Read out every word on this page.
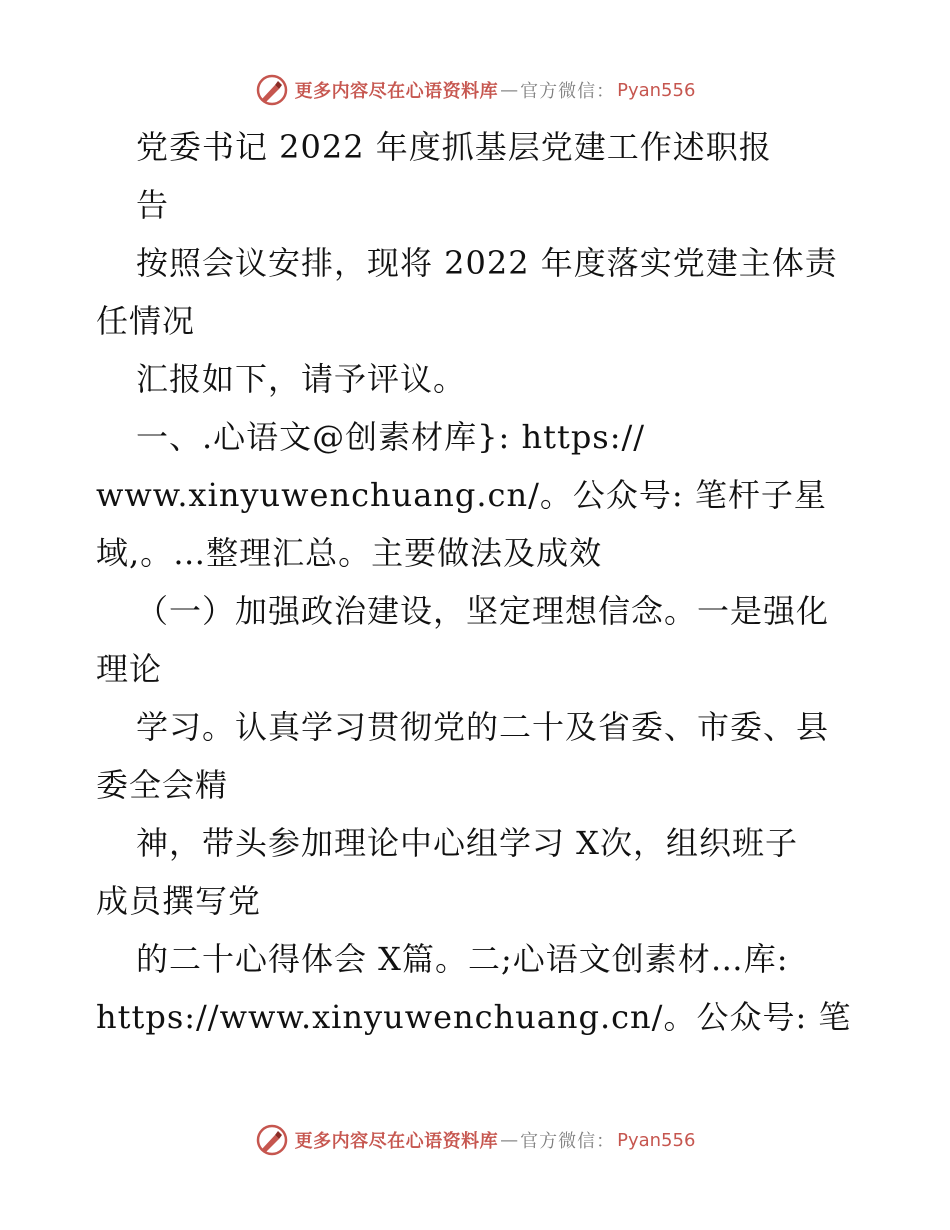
更多内容尽在心语资料库 — 官方微信： Pyan556
党委书记 2022 年度抓基层党建工作述职报
告
按照会议安排，现将 2022 年度落实党建主体责
任情况
汇报如下，请予评议。
一、.心语文@创素材库}: https://
www.xinyuwenchuang.cn/。公众号: 笔杆子星
域,。…整理汇总。主要做法及成效
（一）加强政治建设，坚定理想信念。一是强化
理论
学习。认真学习贯彻党的二十及省委、市委、县
委全会精
神，带头参加理论中心组学习 X次，组织班子
成员撰写党
的二十心得体会 X篇。二;心语文创素材…库:
https://www.xinyuwenchuang.cn/。公众号: 笔
更多内容尽在心语资料库 — 官方微信： Pyan556
